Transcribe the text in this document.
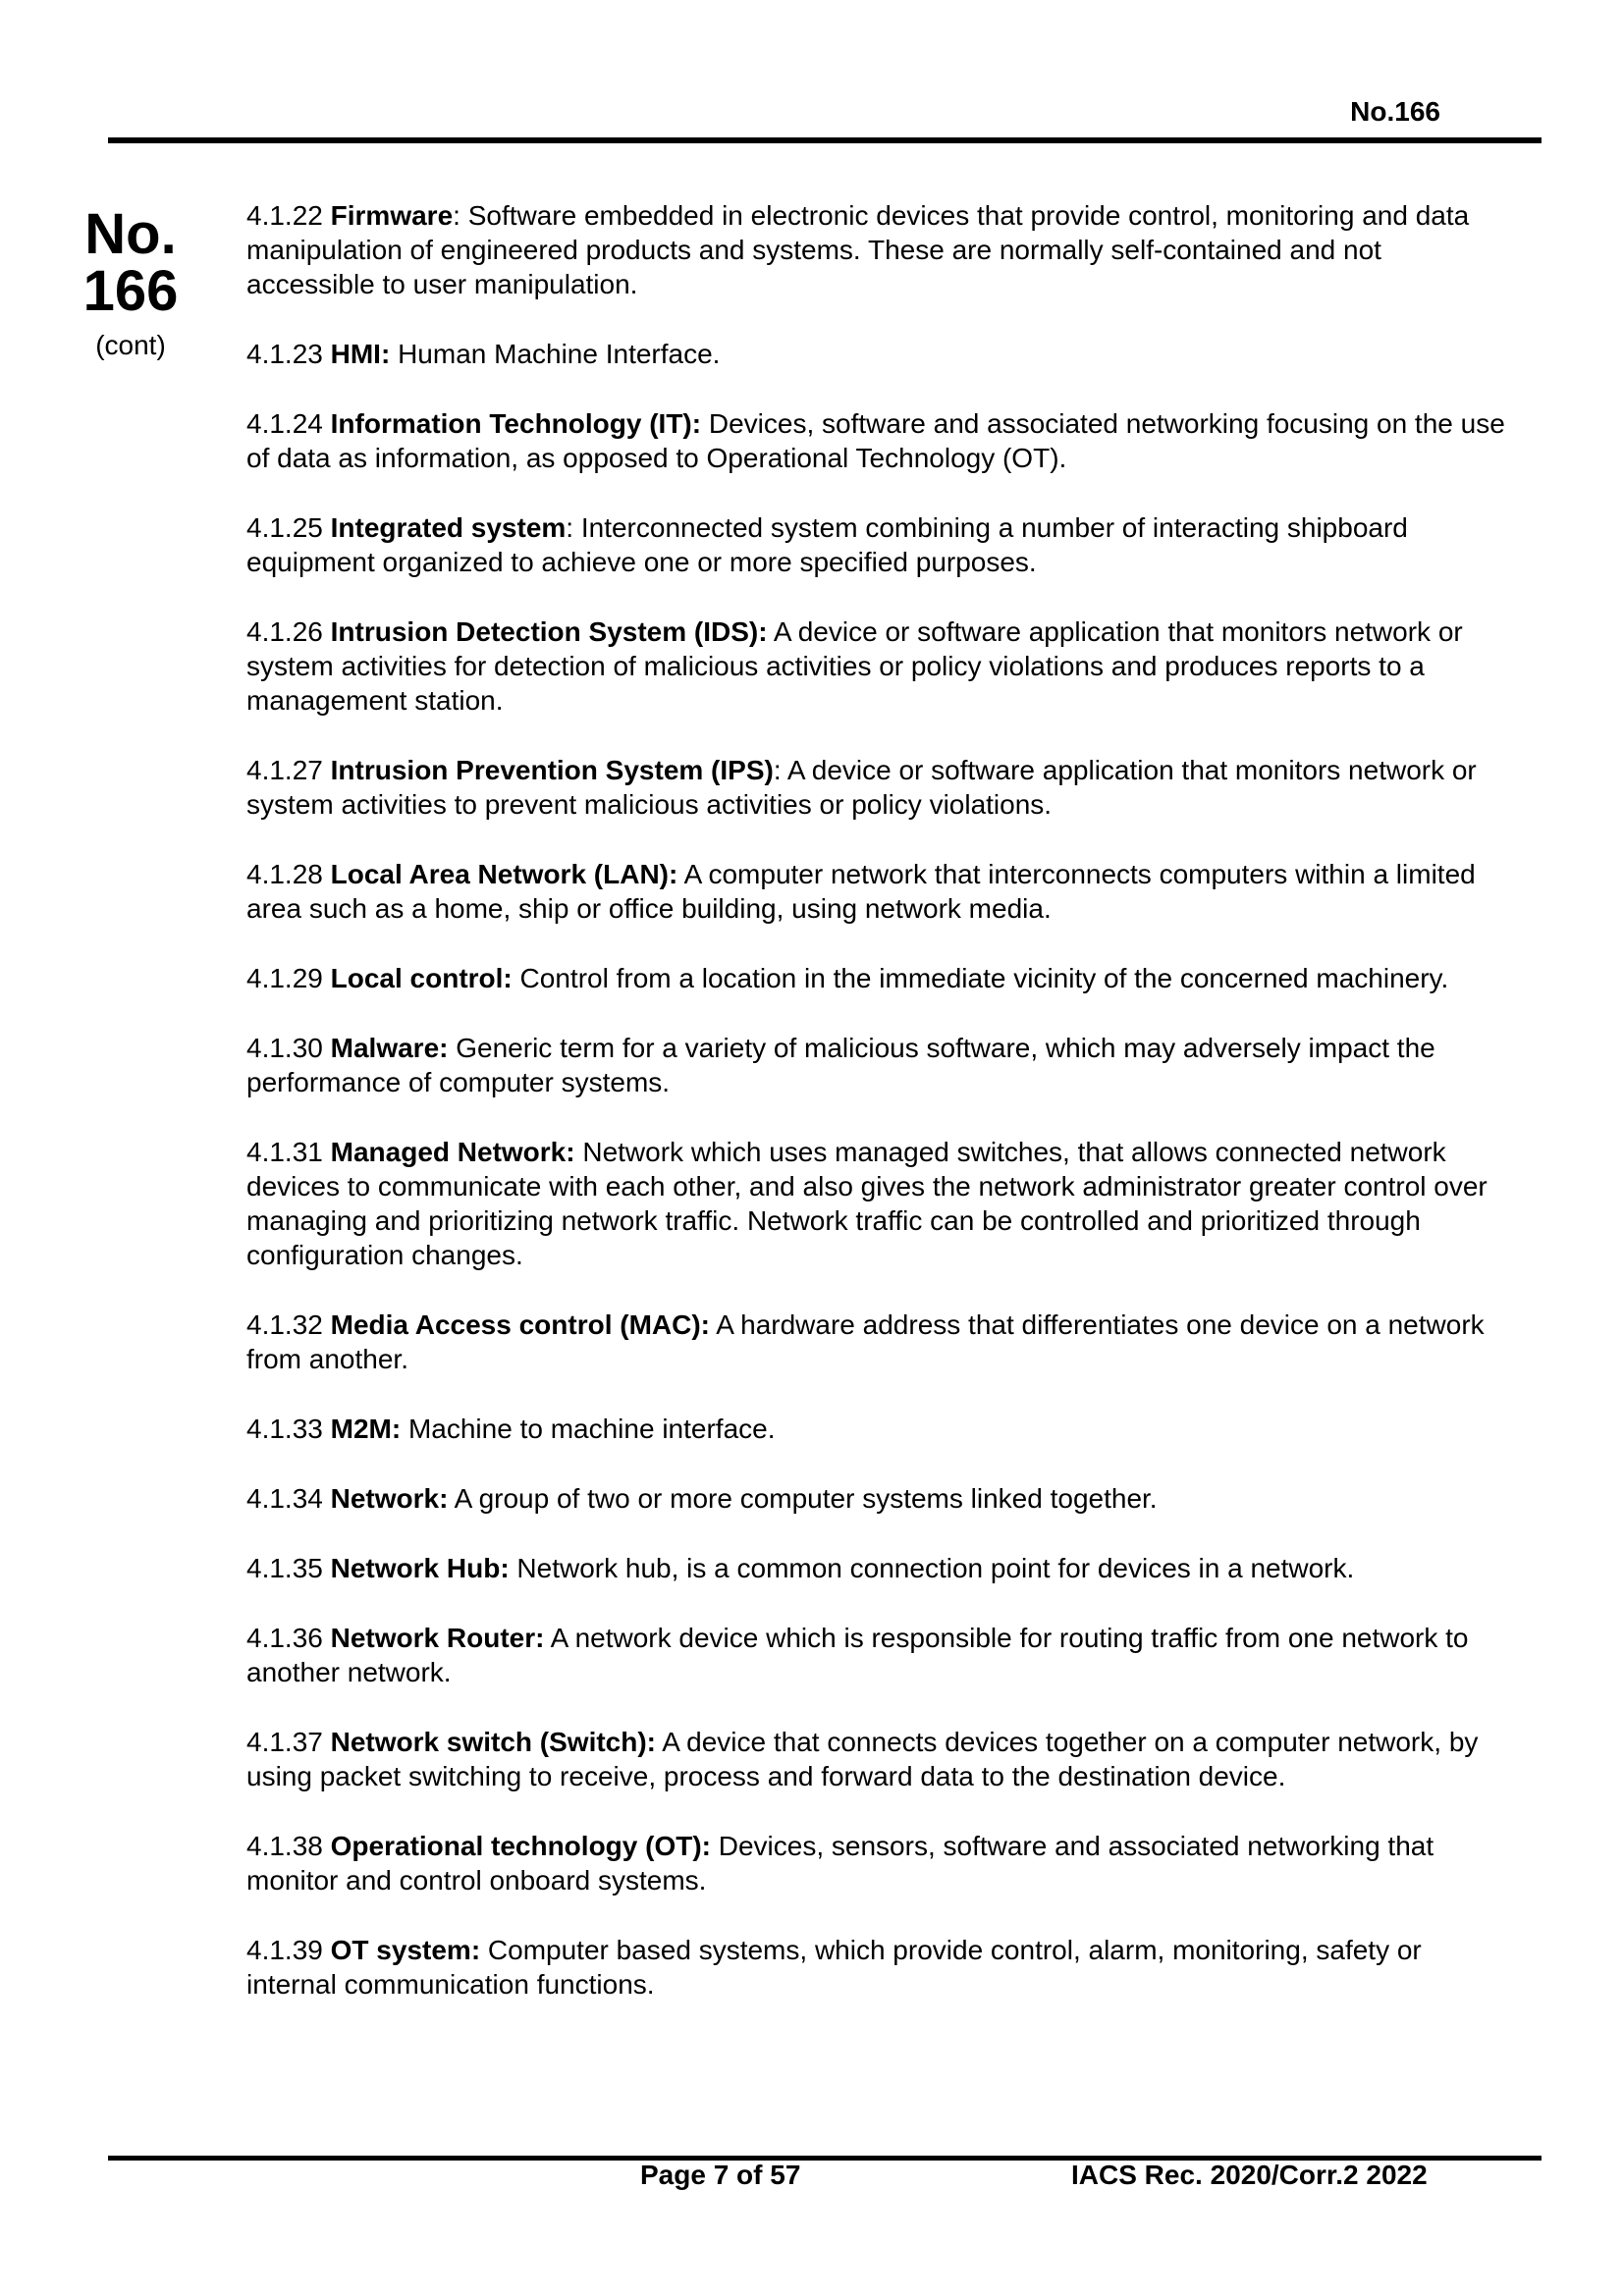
No.166
No.
166
(cont)

4.1.22 Firmware: Software embedded in electronic devices that provide control, monitoring and data manipulation of engineered products and systems. These are normally self-contained and not accessible to user manipulation.

4.1.23 HMI: Human Machine Interface.

4.1.24 Information Technology (IT): Devices, software and associated networking focusing on the use of data as information, as opposed to Operational Technology (OT).

4.1.25 Integrated system: Interconnected system combining a number of interacting shipboard equipment organized to achieve one or more specified purposes.

4.1.26 Intrusion Detection System (IDS): A device or software application that monitors network or system activities for detection of malicious activities or policy violations and produces reports to a management station.

4.1.27 Intrusion Prevention System (IPS): A device or software application that monitors network or system activities to prevent malicious activities or policy violations.

4.1.28 Local Area Network (LAN): A computer network that interconnects computers within a limited area such as a home, ship or office building, using network media.

4.1.29 Local control: Control from a location in the immediate vicinity of the concerned machinery.

4.1.30 Malware: Generic term for a variety of malicious software, which may adversely impact the performance of computer systems.

4.1.31 Managed Network: Network which uses managed switches, that allows connected network devices to communicate with each other, and also gives the network administrator greater control over managing and prioritizing network traffic. Network traffic can be controlled and prioritized through configuration changes.

4.1.32 Media Access control (MAC): A hardware address that differentiates one device on a network from another.

4.1.33 M2M: Machine to machine interface.

4.1.34 Network: A group of two or more computer systems linked together.

4.1.35 Network Hub: Network hub, is a common connection point for devices in a network.

4.1.36 Network Router: A network device which is responsible for routing traffic from one network to another network.

4.1.37 Network switch (Switch): A device that connects devices together on a computer network, by using packet switching to receive, process and forward data to the destination device.

4.1.38 Operational technology (OT): Devices, sensors, software and associated networking that monitor and control onboard systems.

4.1.39 OT system: Computer based systems, which provide control, alarm, monitoring, safety or internal communication functions.

Page 7 of 57	IACS Rec. 2020/Corr.2 2022
